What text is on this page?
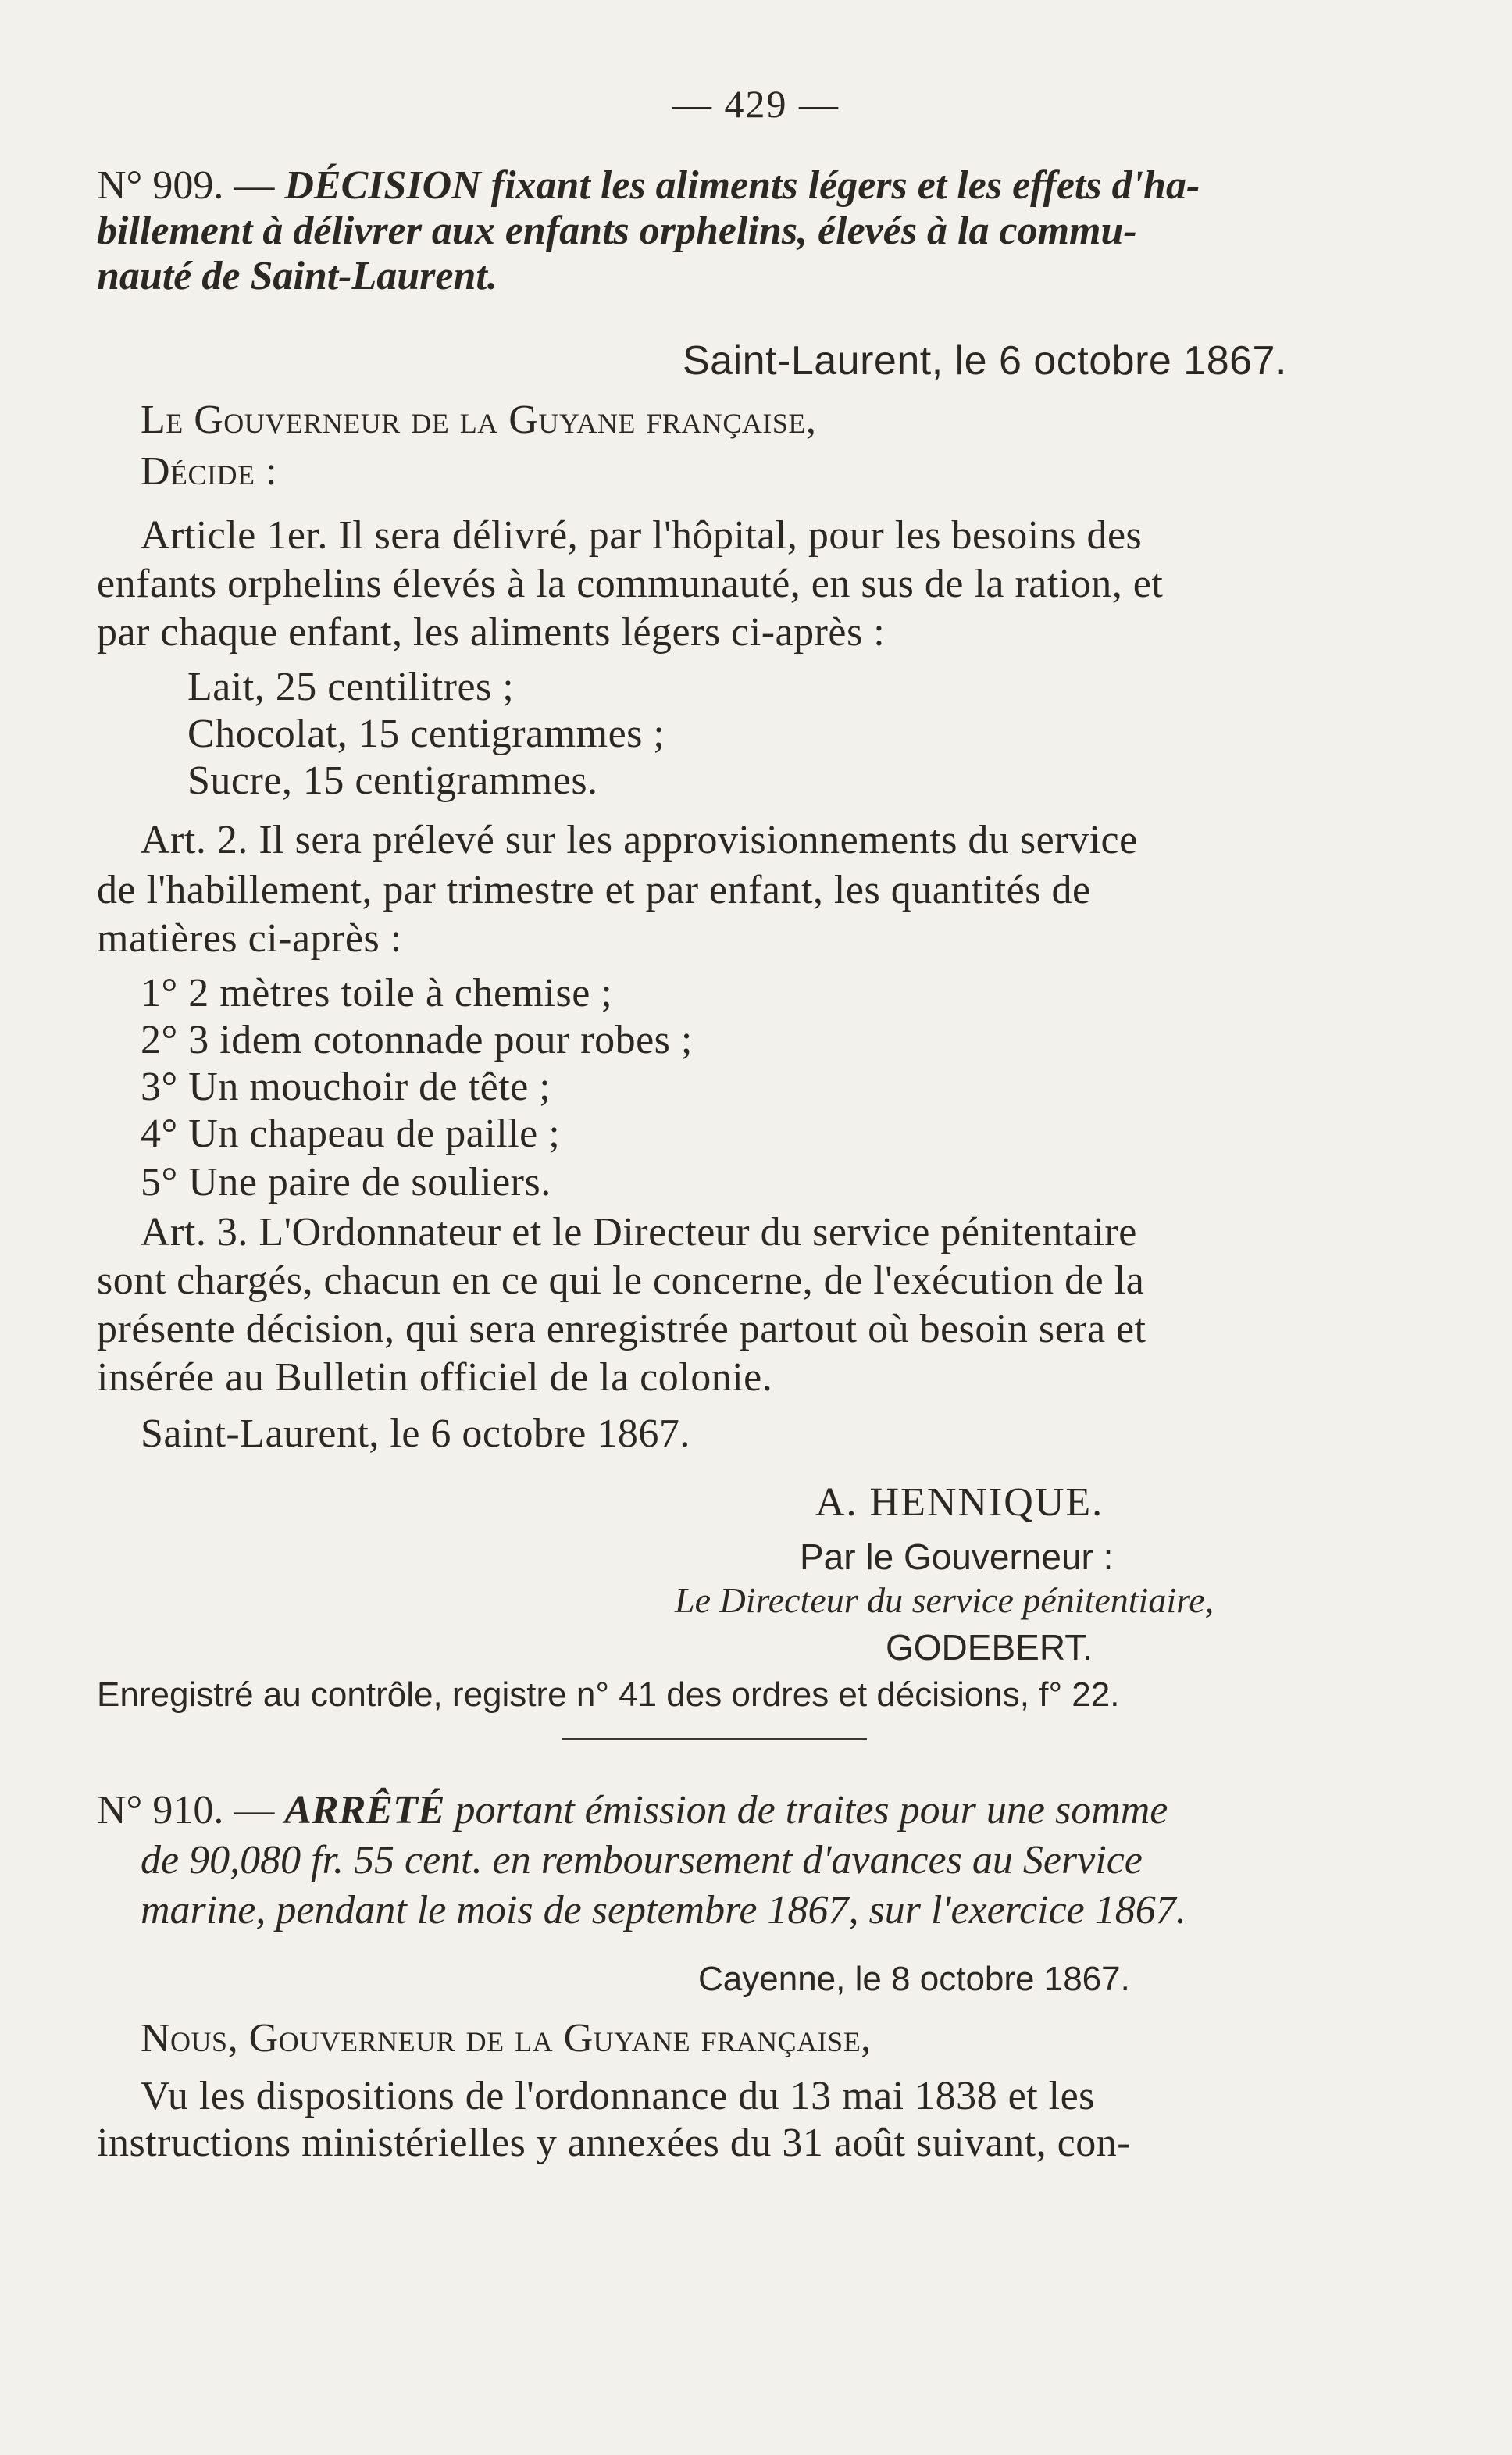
— 429 —
N° 909. — DÉCISION fixant les aliments légers et les effets d'ha-
billement à délivrer aux enfants orphelins, élevés à la commu-
nauté de Saint-Laurent.
Saint-Laurent, le 6 octobre 1867.
Le Gouverneur de la Guyane française,
Décide :
Article 1er. Il sera délivré, par l'hôpital, pour les besoins des
enfants orphelins élevés à la communauté, en sus de la ration, et
par chaque enfant, les aliments légers ci-après :
Lait, 25 centilitres ;
Chocolat, 15 centigrammes ;
Sucre, 15 centigrammes.
Art. 2. Il sera prélevé sur les approvisionnements du service
de l'habillement, par trimestre et par enfant, les quantités de
matières ci-après :
1° 2 mètres toile à chemise ;
2° 3 idem cotonnade pour robes ;
3° Un mouchoir de tête ;
4° Un chapeau de paille ;
5° Une paire de souliers.
Art. 3. L'Ordonnateur et le Directeur du service pénitentaire
sont chargés, chacun en ce qui le concerne, de l'exécution de la
présente décision, qui sera enregistrée partout où besoin sera et
insérée au Bulletin officiel de la colonie.
Saint-Laurent, le 6 octobre 1867.
A. HENNIQUE.
Par le Gouverneur :
Le Directeur du service pénitentiaire,
GODEBERT.
Enregistré au contrôle, registre n° 41 des ordres et décisions, f° 22.
N° 910. — ARRÊTÉ portant émission de traites pour une somme
de 90,080 fr. 55 cent. en remboursement d'avances au Service
marine, pendant le mois de septembre 1867, sur l'exercice 1867.
Cayenne, le 8 octobre 1867.
Nous, Gouverneur de la Guyane française,
Vu les dispositions de l'ordonnance du 13 mai 1838 et les
instructions ministérielles y annexées du 31 août suivant, con-
